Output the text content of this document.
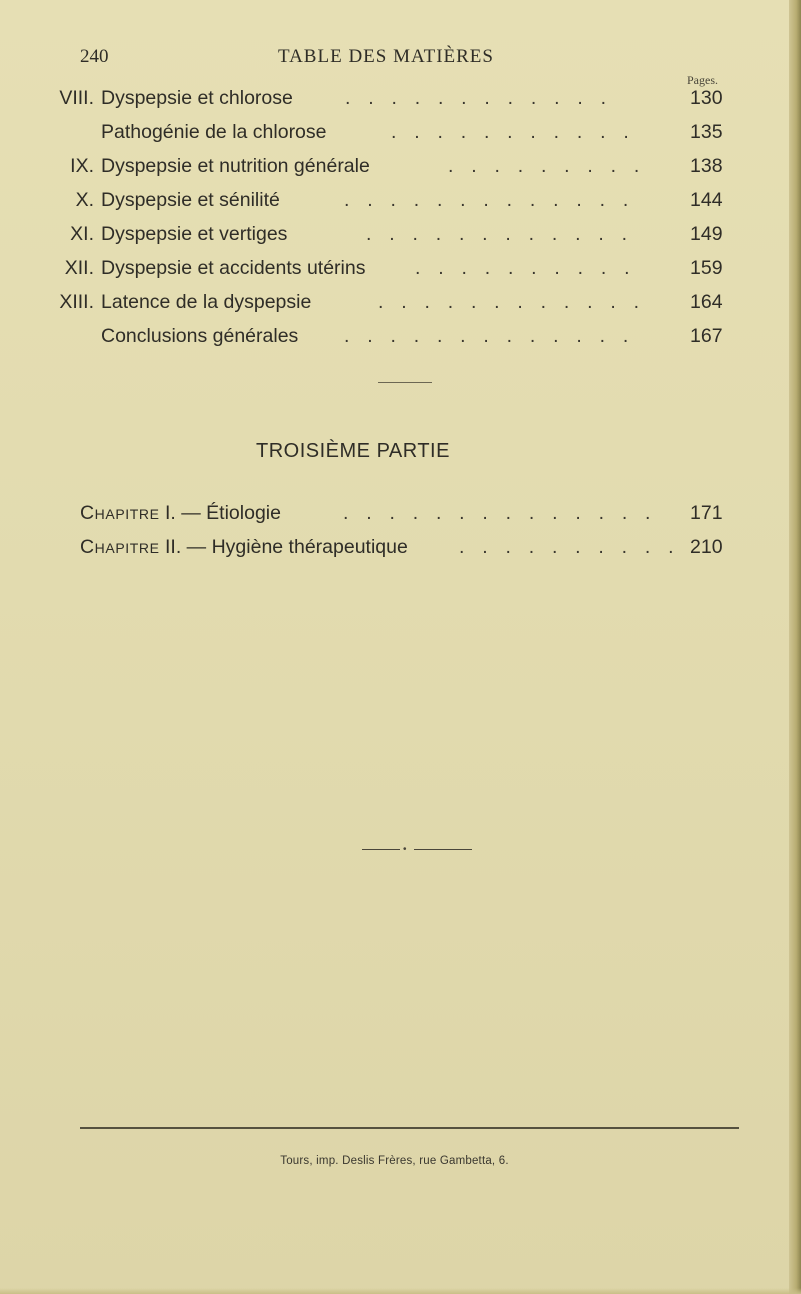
240	TABLE DES MATIÈRES
Pages.
VIII. Dyspepsie et chlorose	. . . . . . . . . . . .	130
Pathogénie de la chlorose	. . . . . . . . . . .	135
IX. Dyspepsie et nutrition générale	. . . . . . . . . 138
X. Dyspepsie et sénilité	. . . . . . . . . . . . .	144
XI. Dyspepsie et vertiges	. . . . . . . . . . . .	149
XII. Dyspepsie et accidents utérins	. . . . . . . . . .	159
XIII. Latence de la dyspepsie	. . . . . . . . . . . . 164
Conclusions générales . . . . . . . . . . . . .	167
TROISIÈME PARTIE
Chapitre I. — Étiologie	. . . . . . . . . . . . . . 171
Chapitre II. — Hygiène thérapeutique	. . . . . . . . . . 210
•
Tours, imp. Deslis Frères, rue Gambetta, 6.
